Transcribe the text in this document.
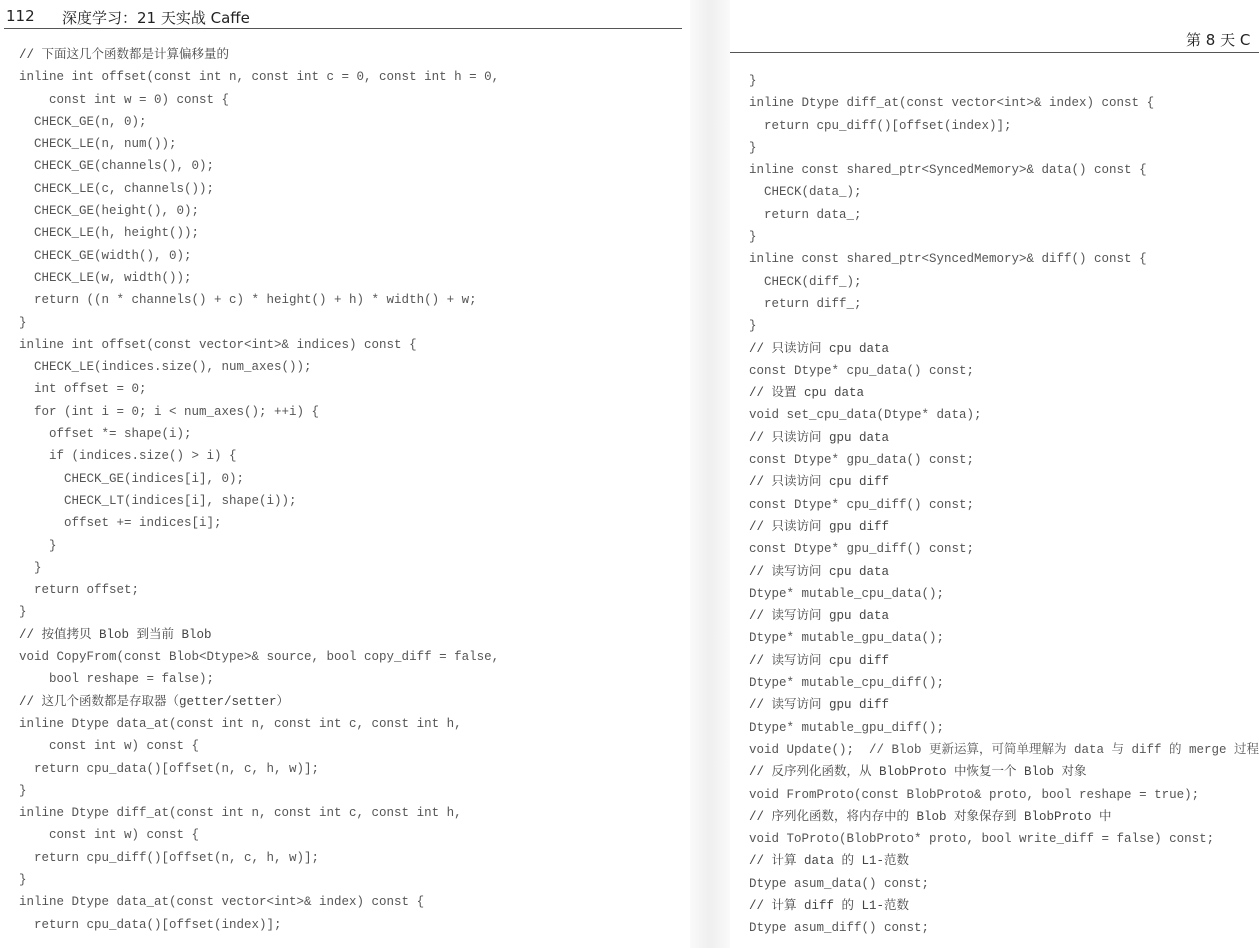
112 深度学习：21 天实战 Caffe
// 下面这几个函数都是计算偏移量的
inline int offset(const int n, const int c = 0, const int h = 0,
const int w = 0) const {
CHECK_GE(n, 0);
CHECK_LE(n, num());
CHECK_GE(channels(), 0);
CHECK_LE(c, channels());
CHECK_GE(height(), 0);
CHECK_LE(h, height());
CHECK_GE(width(), 0);
CHECK_LE(w, width());
return ((n * channels() + c) * height() + h) * width() + w;
}
inline int offset(const vector<int>& indices) const {
CHECK_LE(indices.size(), num_axes());
int offset = 0;
for (int i = 0; i < num_axes(); ++i) {
offset *= shape(i);
if (indices.size() > i) {
CHECK_GE(indices[i], 0);
CHECK_LT(indices[i], shape(i));
offset += indices[i];
}
}
return offset;
}
// 按值拷贝 Blob 到当前 Blob
void CopyFrom(const Blob<Dtype>& source, bool copy_diff = false,
bool reshape = false);
// 这几个函数都是存取器（getter/setter）
inline Dtype data_at(const int n, const int c, const int h,
const int w) const {
return cpu_data()[offset(n, c, h, w)];
}
inline Dtype diff_at(const int n, const int c, const int h,
const int w) const {
return cpu_diff()[offset(n, c, h, w)];
}
inline Dtype data_at(const vector<int>& index) const {
return cpu_data()[offset(index)];
第 8 天 C
}
inline Dtype diff_at(const vector<int>& index) const {
return cpu_diff()[offset(index)];
}
inline const shared_ptr<SyncedMemory>& data() const {
CHECK(data_);
return data_;
}
inline const shared_ptr<SyncedMemory>& diff() const {
CHECK(diff_);
return diff_;
}
// 只读访问 cpu data
const Dtype* cpu_data() const;
// 设置 cpu data
void set_cpu_data(Dtype* data);
// 只读访问 gpu data
const Dtype* gpu_data() const;
// 只读访问 cpu diff
const Dtype* cpu_diff() const;
// 只读访问 gpu diff
const Dtype* gpu_diff() const;
// 读写访问 cpu data
Dtype* mutable_cpu_data();
// 读写访问 gpu data
Dtype* mutable_gpu_data();
// 读写访问 cpu diff
Dtype* mutable_cpu_diff();
// 读写访问 gpu diff
Dtype* mutable_gpu_diff();
void Update();  // Blob 更新运算，可简单理解为 data 与 diff 的 merge 过程
// 反序列化函数，从 BlobProto 中恢复一个 Blob 对象
void FromProto(const BlobProto& proto, bool reshape = true);
// 序列化函数，将内存中的 Blob 对象保存到 BlobProto 中
void ToProto(BlobProto* proto, bool write_diff = false) const;
// 计算 data 的 L1-范数
Dtype asum_data() const;
// 计算 diff 的 L1-范数
Dtype asum_diff() const;
